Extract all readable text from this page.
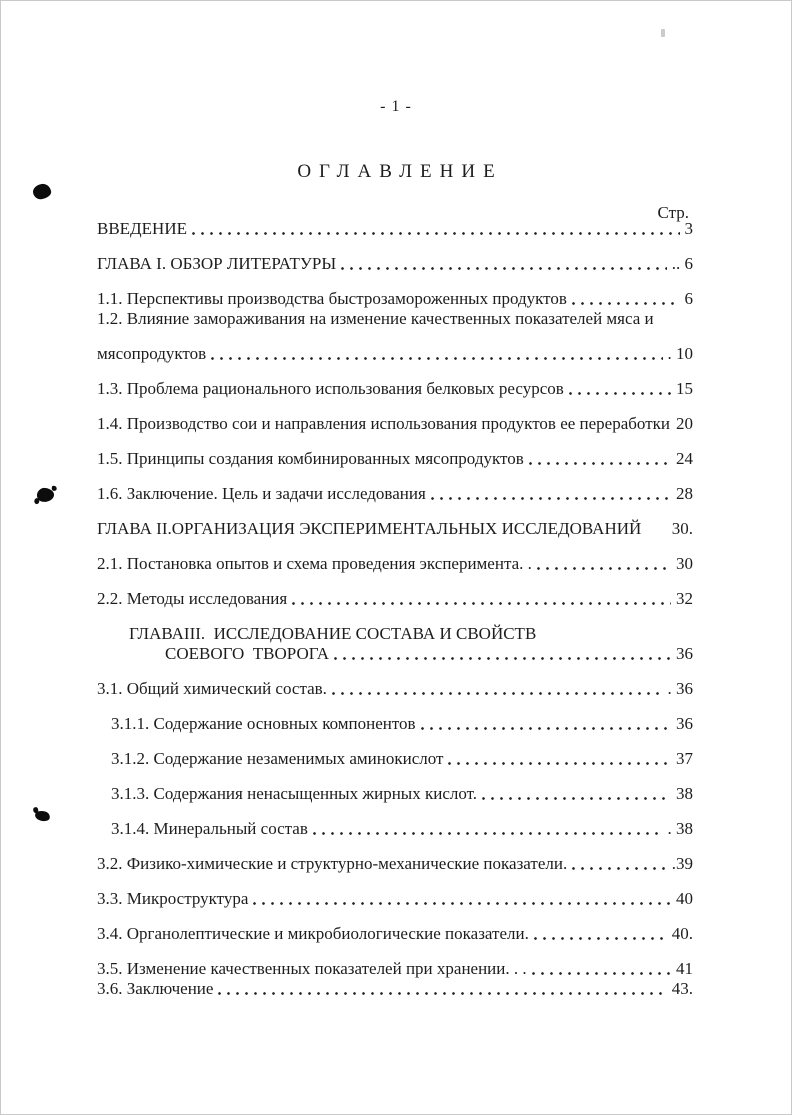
- 1 -
ОГЛАВЛЕНИЕ
Стр.
ВВЕДЕНИЕ	3
ГЛАВА I. ОБЗОР ЛИТЕРАТУРЫ	.. 6
1.1. Перспективы производства быстрозамороженных продуктов	6
1.2. Влияние замораживания на изменение качественных показателей мяса и
мясопродуктов	. 10
1.3. Проблема рационального использования белковых ресурсов	15
1.4. Производство сои и направления использования продуктов ее переработки 20
1.5. Принципы создания комбинированных мясопродуктов	24
1.6. Заключение. Цель и задачи исследования	28
ГЛАВА II.ОРГАНИЗАЦИЯ ЭКСПЕРИМЕНТАЛЬНЫХ ИССЛЕДОВАНИЙ 30.
2.1. Постановка опытов и схема проведения эксперимента. .	30
2.2. Методы исследования	32
ГЛАВАIII.  ИССЛЕДОВАНИЕ СОСТАВА И СВОЙСТВ
СОЕВОГО  ТВОРОГА	36
3.1. Общий химический состав.	. 36
3.1.1. Содержание основных компонентов	36
3.1.2. Содержание незаменимых аминокислот	37
3.1.3. Содержания ненасыщенных жирных кислот.	38
3.1.4. Минеральный состав	. 38
3.2. Физико-химические и структурно-механические показатели.	.39
3.3. Микроструктура	40
3.4. Органолептические и микробиологические показатели.	40.
3.5. Изменение качественных показателей при хранении. . .	41
3.6. Заключение	43.
